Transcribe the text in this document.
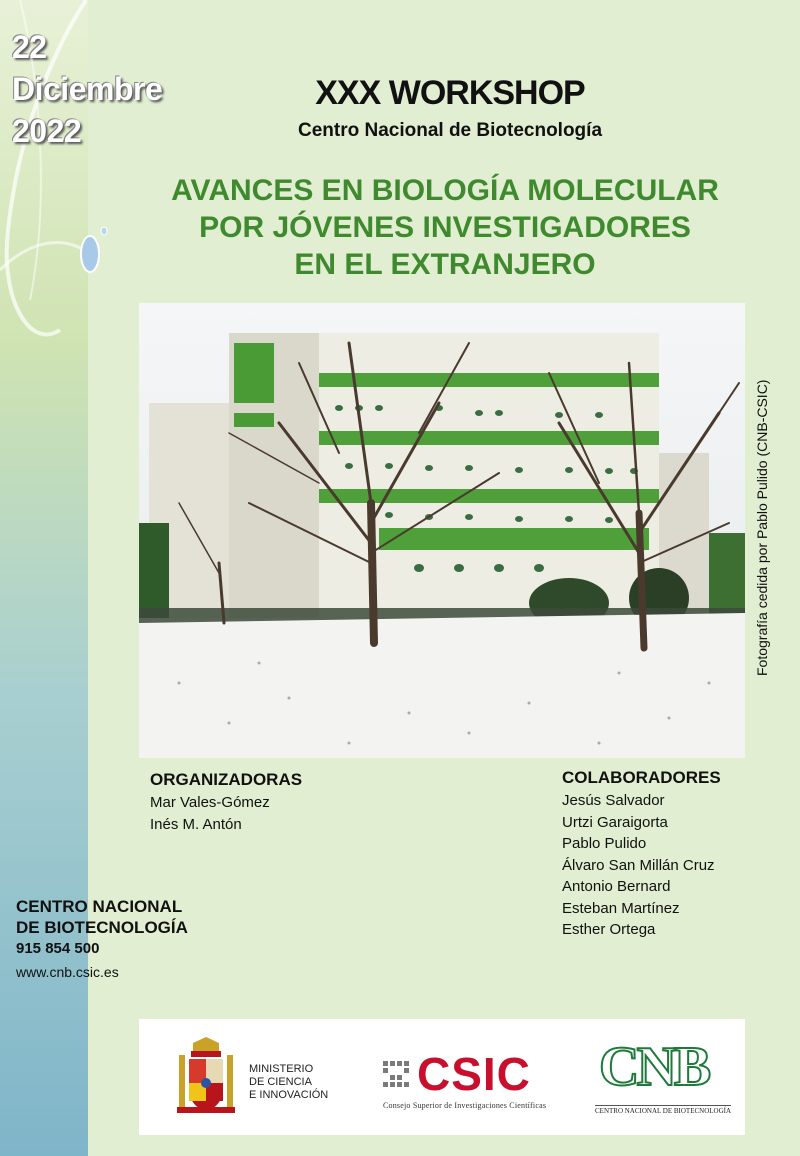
22
Diciembre
2022
XXX WORKSHOP
Centro Nacional de Biotecnología
AVANCES EN BIOLOGÍA MOLECULAR
POR JÓVENES INVESTIGADORES
EN EL EXTRANJERO
Fotografía cedida por Pablo Pulido (CNB-CSIC)
ORGANIZADORAS
Mar Vales-Gómez
Inés M. Antón
COLABORADORES
Jesús Salvador
Urtzi Garaigorta
Pablo Pulido
Álvaro San Millán Cruz
Antonio Bernard
Esteban Martínez
Esther Ortega
CENTRO NACIONAL
DE BIOTECNOLOGÍA
915 854 500
www.cnb.csic.es
MINISTERIO
DE CIENCIA
E INNOVACIÓN CSIC
Consejo Superior de Investigaciones Científicas
CNB
CENTRO NACIONAL DE BIOTECNOLOGÍA
